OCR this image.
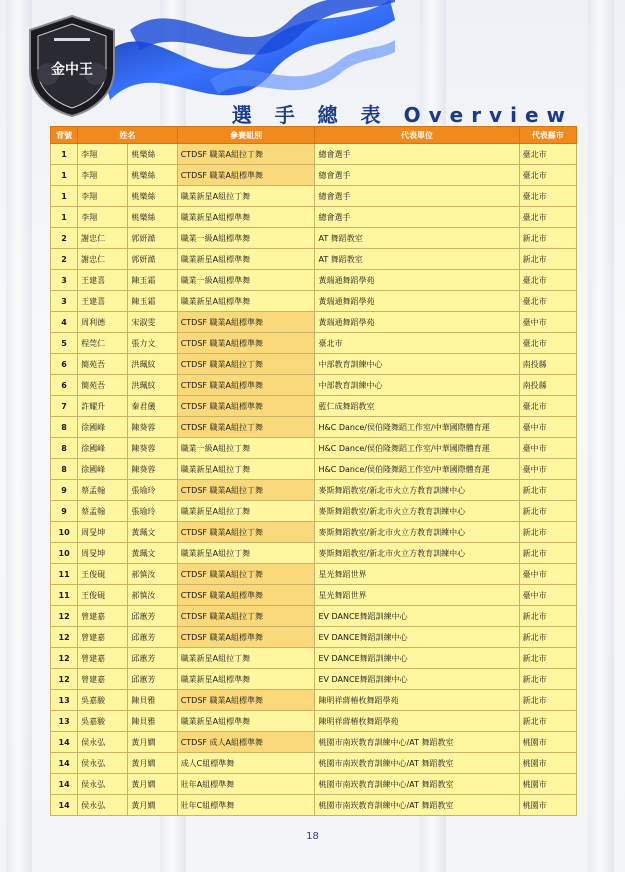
金中王
選 手 總 表 Overview
背號	姓名		參賽組別	代表單位	代表縣市
1	李翔	桃樂絲	CTDSF 職業A組拉丁舞	總會選手	臺北市
1	李翔	桃樂絲	CTDSF 職業A組標準舞	總會選手	臺北市
1	李翔	桃樂絲	職業新星A組拉丁舞	總會選手	臺北市
1	李翔	桃樂絲	職業新星A組標準舞	總會選手	臺北市
2	謝忠仁	郭妍澔	職業一級A組標準舞	AT 舞蹈教室	新北市
2	謝忠仁	郭妍澔	職業新星A組標準舞	AT 舞蹈教室	新北市
3	王建喜	陳玉霜	職業一級A組標準舞	黃瑞通舞蹈學苑	臺北市
3	王建喜	陳玉霜	職業新星A組標準舞	黃瑞通舞蹈學苑	臺北市
4	周利德	宋淑雯	CTDSF 職業A組標準舞	黃瑞通舞蹈學苑	臺中市
5	程莞仁	張力文	CTDSF 職業A組標準舞	臺北市	臺北市
6	簡苑吾	洪珮紋	CTDSF 職業A組拉丁舞	中部教育訓練中心	南投縣
6	簡苑吾	洪珮紋	CTDSF 職業A組標準舞	中部教育訓練中心	南投縣
7	許耀升	秦君儀	CTDSF 職業A組標準舞	藍仁成舞蹈教室	臺北市
8	徐國峰	陳葵蓉	CTDSF 職業A組拉丁舞	H&C Dance/侯伯隆舞蹈工作室/中華國際體育運	臺中市
8	徐國峰	陳葵蓉	職業一級A組拉丁舞	H&C Dance/侯伯隆舞蹈工作室/中華國際體育運	臺中市
8	徐國峰	陳葵蓉	職業新星A組拉丁舞	H&C Dance/侯伯隆舞蹈工作室/中華國際體育運	臺中市
9	蔡孟翰	張瑜玲	CTDSF 職業A組拉丁舞	麥斯舞蹈教室/新北市火立方教育訓練中心	新北市
9	蔡孟翰	張瑜玲	職業新星A組拉丁舞	麥斯舞蹈教室/新北市火立方教育訓練中心	新北市
10	周旻坤	黃珮文	CTDSF 職業A組拉丁舞	麥斯舞蹈教室/新北市火立方教育訓練中心	新北市
10	周旻坤	黃珮文	職業新星A組拉丁舞	麥斯舞蹈教室/新北市火立方教育訓練中心	新北市
11	王俊硯	郝慎汝	CTDSF 職業A組拉丁舞	星光舞蹈世界	臺中市
11	王俊硯	郝慎汝	CTDSF 職業A組標準舞	星光舞蹈世界	臺中市
12	曾建嘉	邱蕙芳	CTDSF 職業A組拉丁舞	EV DANCE舞蹈訓練中心	新北市
12	曾建嘉	邱蕙芳	CTDSF 職業A組標準舞	EV DANCE舞蹈訓練中心	新北市
12	曾建嘉	邱蕙芳	職業新星A組拉丁舞	EV DANCE舞蹈訓練中心	新北市
12	曾建嘉	邱蕙芳	職業新星A組標準舞	EV DANCE舞蹈訓練中心	新北市
13	吳嘉駿	陳貝雅	CTDSF 職業A組標準舞	陳明祥蔣樁枚舞蹈學苑	新北市
13	吳嘉駿	陳貝雅	職業新星A組標準舞	陳明祥蔣樁枚舞蹈學苑	新北市
14	侯永弘	黃月嫺	CTDSF 成人A組標準舞	桃園市南崁教育訓練中心/AT 舞蹈教室	桃園市
14	侯永弘	黃月嫺	成人C組標準舞	桃園市南崁教育訓練中心/AT 舞蹈教室	桃園市
14	侯永弘	黃月嫺	壯年A組標準舞	桃園市南崁教育訓練中心/AT 舞蹈教室	桃園市
14	侯永弘	黃月嫺	壯年C組標準舞	桃園市南崁教育訓練中心/AT 舞蹈教室	桃園市
18
